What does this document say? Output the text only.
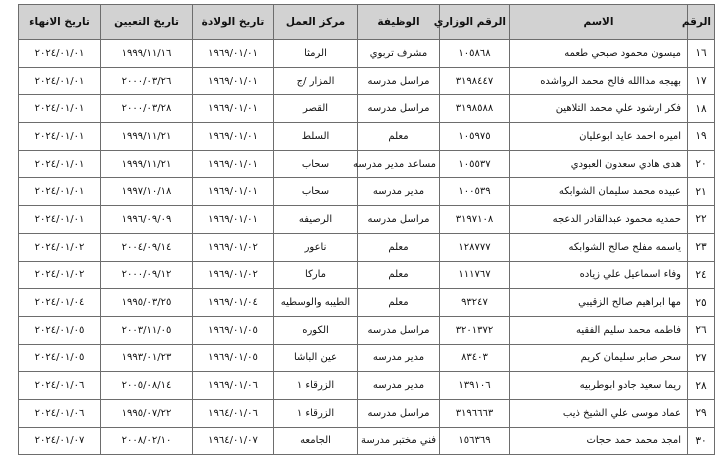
الرقم	الاسم	الرقم الوزاري	الوظيفة	مركز العمل	تاريخ الولادة	تاريخ التعيين	تاريخ الانهاء
١٦	ميسون محمود صبحي طعمه	١٠٥٨٦٨	مشرف تربوي	الرمثا	١٩٦٩/٠١/٠١	١٩٩٩/١١/١٦	٢٠٢٤/٠١/٠١
١٧	بهيجه مداالله فالح محمد الرواشده	٣١٩٨٤٤٧	مراسل مدرسه	المزار /ج	١٩٦٩/٠١/٠١	٢٠٠٠/٠٣/٢٦	٢٠٢٤/٠١/٠١
١٨	فكر ارشود علي محمد التلاهين	٣١٩٨٥٨٨	مراسل مدرسه	القصر	١٩٦٩/٠١/٠١	٢٠٠٠/٠٣/٢٨	٢٠٢٤/٠١/٠١
١٩	اميره احمد عايد ابوعليان	١٠٥٩٧٥	معلم	السلط	١٩٦٩/٠١/٠١	١٩٩٩/١١/٢١	٢٠٢٤/٠١/٠١
٢٠	هدى هادي سعدون العبودي	١٠٥٥٣٧	مساعد مدير مدرسه	سحاب	١٩٦٩/٠١/٠١	١٩٩٩/١١/٢١	٢٠٢٤/٠١/٠١
٢١	عبيده محمد سليمان الشوابكه	١٠٠٥٣٩	مدير مدرسه	سحاب	١٩٦٩/٠١/٠١	١٩٩٧/١٠/١٨	٢٠٢٤/٠١/٠١
٢٢	حمديه محمود عبدالقادر الدعجه	٣١٩٧١٠٨	مراسل مدرسه	الرصيفه	١٩٦٩/٠١/٠١	١٩٩٦/٠٩/٠٩	٢٠٢٤/٠١/٠١
٢٣	ياسمه مفلح صالح الشوابكه	١٢٨٧٧٧	معلم	ناعور	١٩٦٩/٠١/٠٢	٢٠٠٤/٠٩/١٤	٢٠٢٤/٠١/٠٢
٢٤	وفاء اسماعيل علي زياده	١١١٧٦٧	معلم	ماركا	١٩٦٩/٠١/٠٢	٢٠٠٠/٠٩/١٢	٢٠٢٤/٠١/٠٢
٢٥	مها ابراهيم صالح الزقيبي	٩٣٢٤٧	معلم	الطيبه والوسطيه	١٩٦٩/٠١/٠٤	١٩٩٥/٠٣/٢٥	٢٠٢٤/٠١/٠٤
٢٦	فاطمه محمد سليم الفقيه	٣٢٠١٣٧٢	مراسل مدرسه	الكوره	١٩٦٩/٠١/٠٥	٢٠٠٣/١١/٠٥	٢٠٢٤/٠١/٠٥
٢٧	سحر صابر سليمان كريم	٨٣٤٠٣	مدير مدرسه	عين الباشا	١٩٦٩/٠١/٠٥	١٩٩٣/٠١/٢٣	٢٠٢٤/٠١/٠٥
٢٨	ريما سعيد جادو ابوطربيه	١٣٩١٠٦	مدير مدرسه	الزرقاء ١	١٩٦٩/٠١/٠٦	٢٠٠٥/٠٨/١٤	٢٠٢٤/٠١/٠٦
٢٩	عماد موسى علي الشيخ ذيب	٣١٩٦٦٦٣	مراسل مدرسه	الزرقاء ١	١٩٦٤/٠١/٠٦	١٩٩٥/٠٧/٢٢	٢٠٢٤/٠١/٠٦
٣٠	امجد محمد حمد حجات	١٥٦٣٦٩	فني مختبر مدرسة	الجامعه	١٩٦٤/٠١/٠٧	٢٠٠٨/٠٢/١٠	٢٠٢٤/٠١/٠٧
